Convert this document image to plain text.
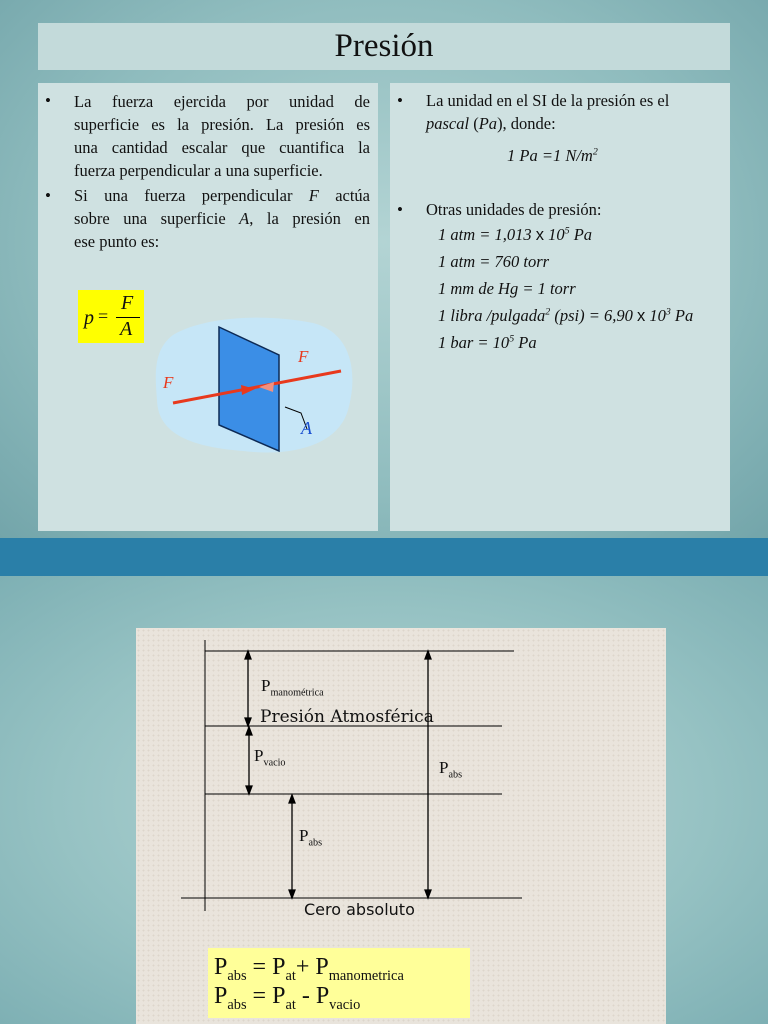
Presión
• La fuerza ejercida por unidad de
superficie es la presión. La presión es
una cantidad escalar que cuantifica la
fuerza perpendicular a una superficie.
• Si una fuerza perpendicular F actúa
sobre una superficie A, la presión en
ese punto es:
p =
F
A
F
F
A
• La unidad en el SI de la presión es el
pascal (Pa), donde:
1 Pa =1 $N/m^2$
• Otras unidades de presión:
1 atm = 1,013 x $10^5$ Pa
1 atm = 760 torr
1 mm de Hg = 1 torr
1 libra /pulgada$^2$ (psi) = 6,90 x $10^3$ Pa
1 bar = $10^5$ Pa
$P_{manométrica}$
Presión Atmosférica
$P_{vacio}$	$P_{abs}$
$P_{abs}$
Cero absoluto
$P_{abs} = P_{at}+ P_{manometrica}$
$P_{abs} = P_{at} - P_{vacio}$
